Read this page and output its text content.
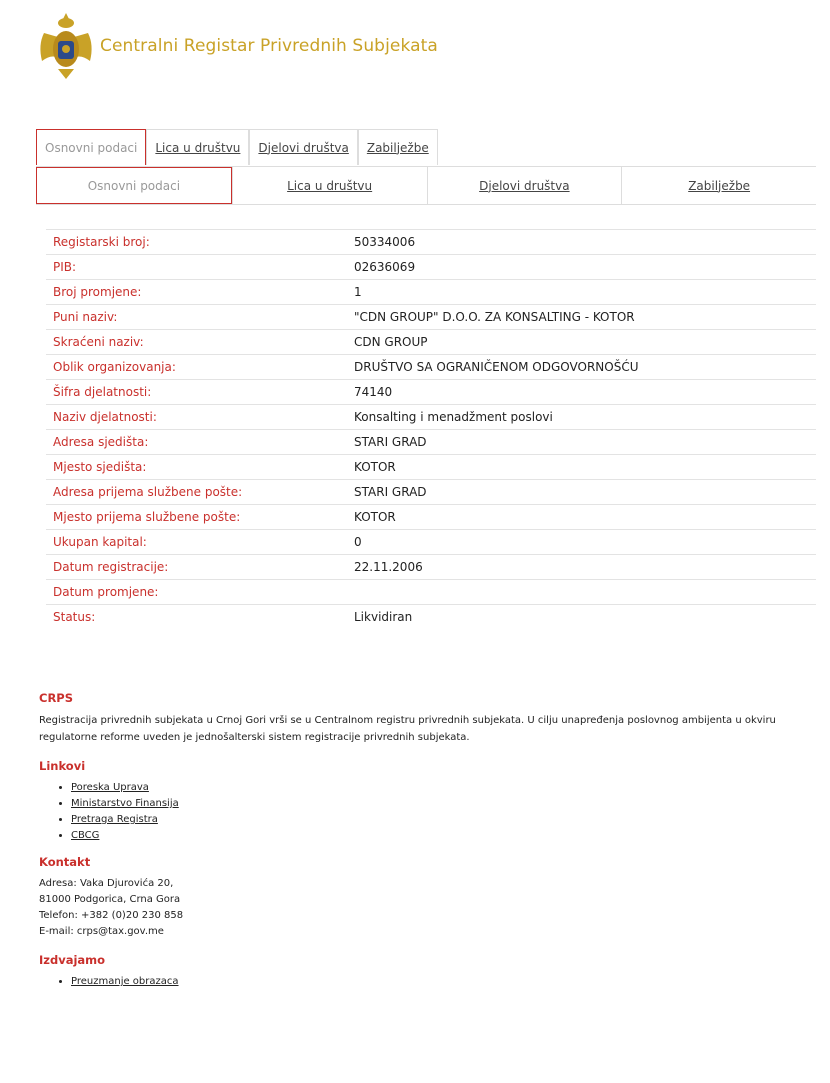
Centralni Registar Privrednih Subjekata
Osnovni podaci	Lica u društvu	Djelovi društva	Zabilježbe
Osnovni podaci	Lica u društvu	Djelovi društva	Zabilježbe
Registarski broj:	50334006
PIB:	02636069
Broj promjene:	1
Puni naziv:	"CDN GROUP" D.O.O. ZA KONSALTING - KOTOR
Skraćeni naziv:	CDN GROUP
Oblik organizovanja:	DRUŠTVO SA OGRANIČENOM ODGOVORNOŠĆU
Šifra djelatnosti:	74140
Naziv djelatnosti:	Konsalting i menadžment poslovi
Adresa sjedišta:	STARI GRAD
Mjesto sjedišta:	KOTOR
Adresa prijema službene pošte:	STARI GRAD
Mjesto prijema službene pošte:	KOTOR
Ukupan kapital:	0
Datum registracije:	22.11.2006
Datum promjene:	
Status:	Likvidiran
CRPS

Registracija privrednih subjekata u Crnoj Gori vrši se u Centralnom registru privrednih subjekata. U cilju unapređenja poslovnog ambijenta u okviru regulatorne reforme uveden je jednošalterski sistem registracije privrednih subjekata.

Linkovi
• Poreska Uprava
• Ministarstvo Finansija
• Pretraga Registra
• CBCG
Kontakt
Adresa: Vaka Djurovića 20,
81000 Podgorica, Crna Gora
Telefon: +382 (0)20 230 858
E-mail: crps@tax.gov.me
Izdvajamo
• Preuzmanje obrazaca
